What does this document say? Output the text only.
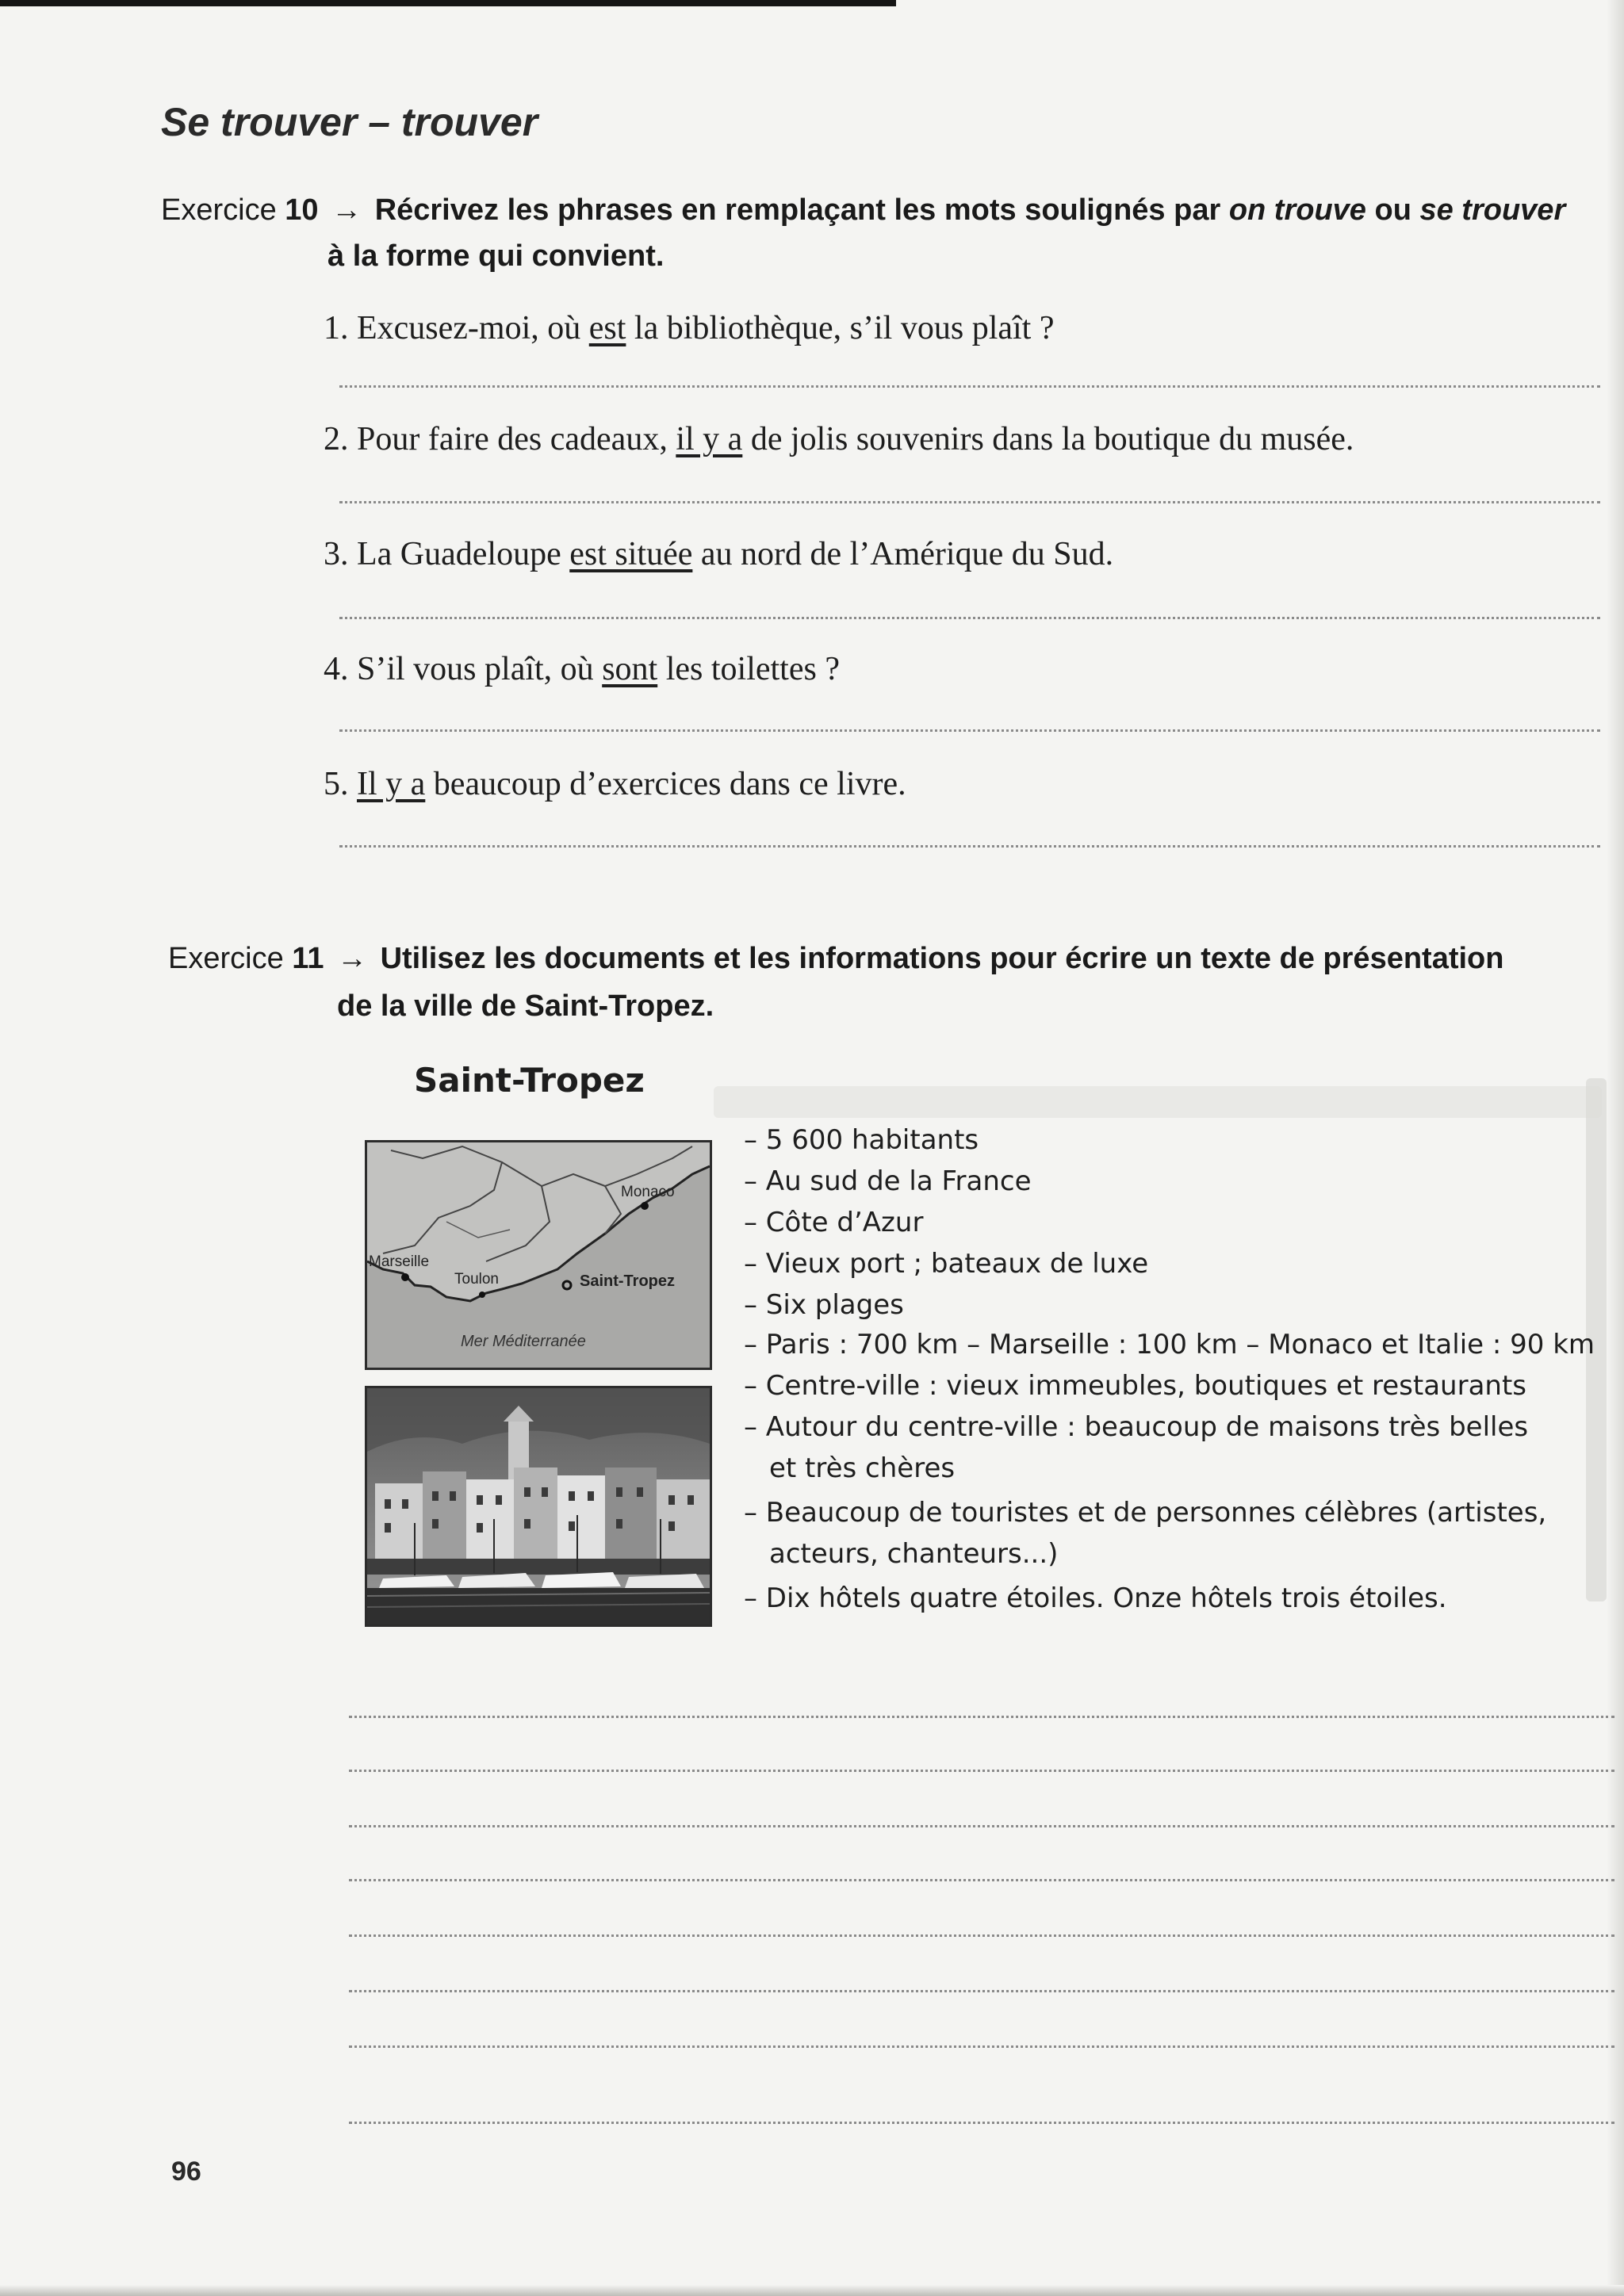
Se trouver – trouver
Exercice 10 → Récrivez les phrases en remplaçant les mots soulignés par on trouve ou se trouver
à la forme qui convient.
1. Excusez-moi, où est la bibliothèque, s’il vous plaît ?
2. Pour faire des cadeaux, il y a de jolis souvenirs dans la boutique du musée.
3. La Guadeloupe est située au nord de l’Amérique du Sud.
4. S’il vous plaît, où sont les toilettes ?
5. Il y a beaucoup d’exercices dans ce livre.
Exercice 11 → Utilisez les documents et les informations pour écrire un texte de présentation
de la ville de Saint-Tropez.
Saint-Tropez
Monaco
Marseille
Toulon	Saint-Tropez
Mer Méditerranée
– 5 600 habitants
– Au sud de la France
– Côte d’Azur
– Vieux port ; bateaux de luxe
– Six plages
– Paris : 700 km – Marseille : 100 km – Monaco et Italie : 90 km
– Centre-ville : vieux immeubles, boutiques et restaurants
– Autour du centre-ville : beaucoup de maisons très belles
et très chères
– Beaucoup de touristes et de personnes célèbres (artistes,
acteurs, chanteurs...)
– Dix hôtels quatre étoiles. Onze hôtels trois étoiles.
96
